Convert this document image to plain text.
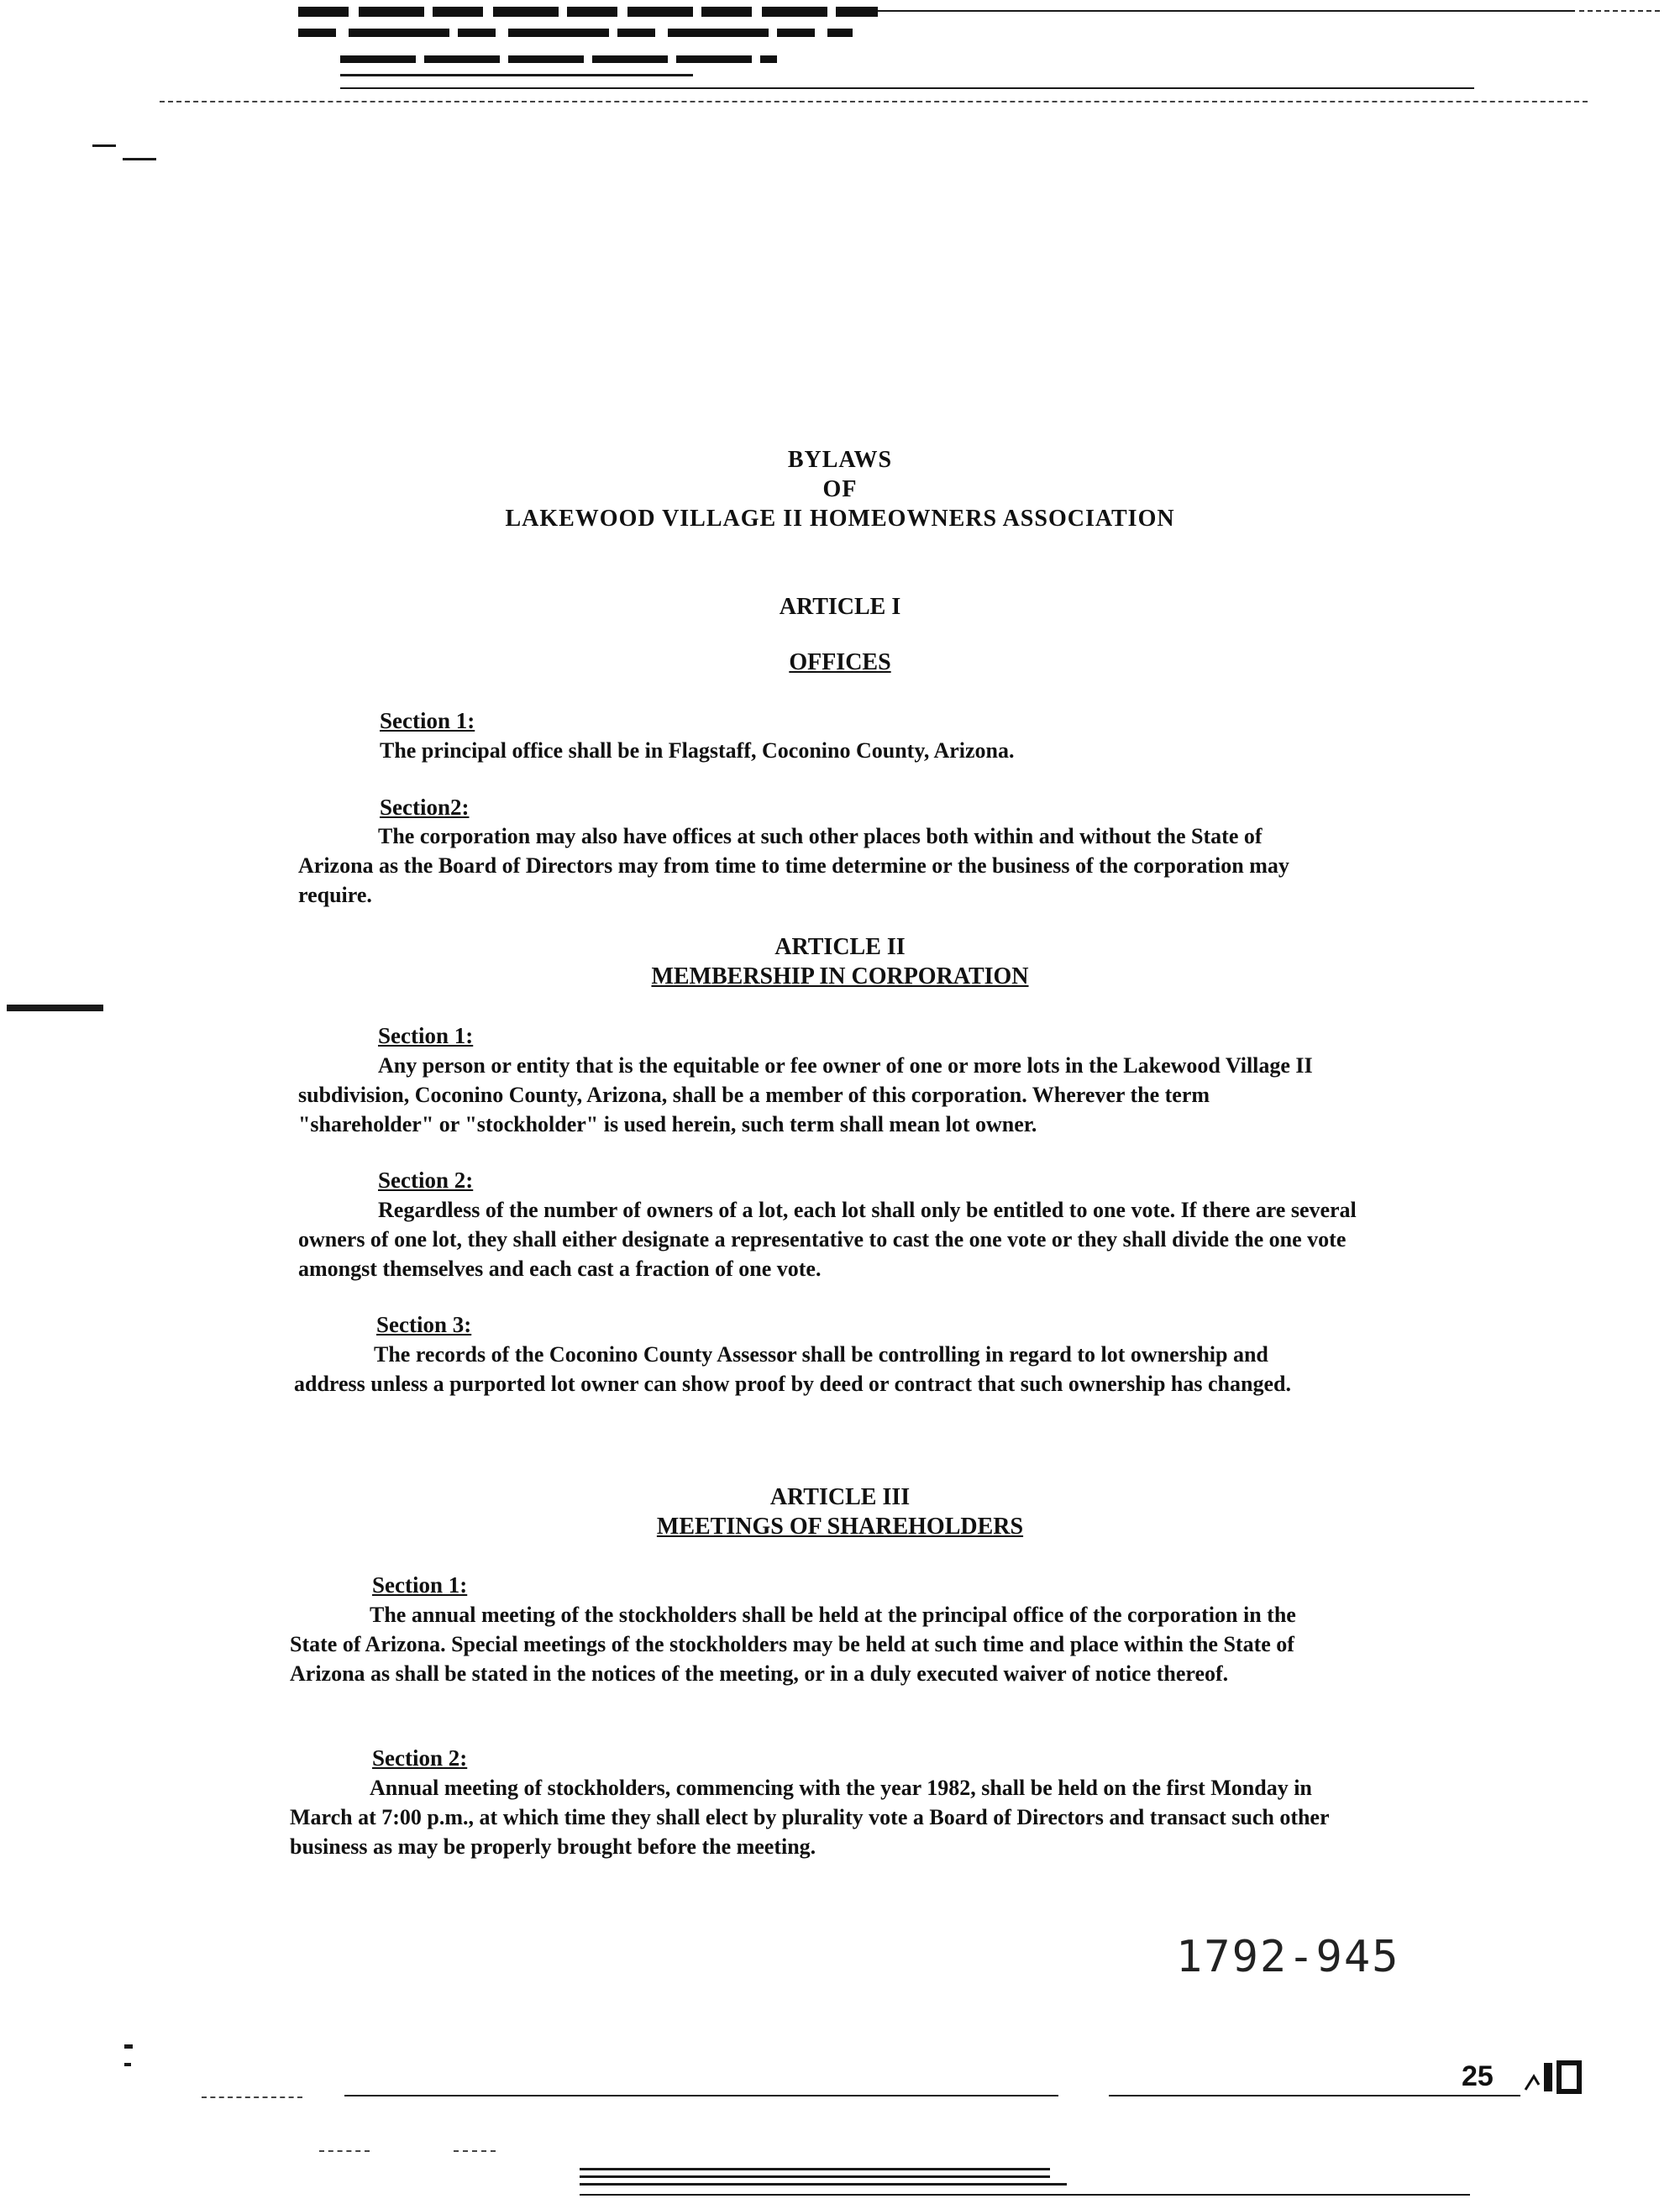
BYLAWS
OF
LAKEWOOD VILLAGE II HOMEOWNERS ASSOCIATION
ARTICLE I
OFFICES
Section 1:

The principal office shall be in Flagstaff, Coconino County, Arizona.

Section2:

The corporation may also have offices at such other places both within and without the State of Arizona as the Board of Directors may from time to time determine or the business of the corporation may require.

ARTICLE II
MEMBERSHIP IN CORPORATION
Section 1:

Any person or entity that is the equitable or fee owner of one or more lots in the Lakewood Village II subdivision, Coconino County, Arizona, shall be a member of this corporation. Wherever the term "shareholder" or "stockholder" is used herein, such term shall mean lot owner.

Section 2:

Regardless of the number of owners of a lot, each lot shall only be entitled to one vote. If there are several owners of one lot, they shall either designate a representative to cast the one vote or they shall divide the one vote amongst themselves and each cast a fraction of one vote.

Section 3:

The records of the Coconino County Assessor shall be controlling in regard to lot ownership and address unless a purported lot owner can show proof by deed or contract that such ownership has changed.

ARTICLE III
MEETINGS OF SHAREHOLDERS
Section 1:

The annual meeting of the stockholders shall be held at the principal office of the corporation in the State of Arizona. Special meetings of the stockholders may be held at such time and place within the State of Arizona as shall be stated in the notices of the meeting, or in a duly executed waiver of notice thereof.

Section 2:

Annual meeting of stockholders, commencing with the year 1982, shall be held on the first Monday in March at 7:00 p.m., at which time they shall elect by plurality vote a Board of Directors and transact such other business as may be properly brought before the meeting.

1792-945
25
